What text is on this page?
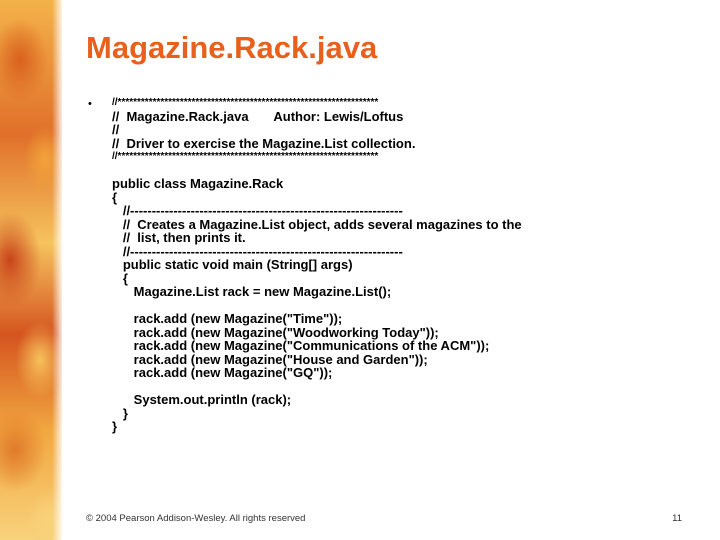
Magazine.Rack.java
• //*******************************************************************
//  Magazine.Rack.java       Author: Lewis/Loftus
//
//  Driver to exercise the Magazine.List collection.
//*******************************************************************
public class Magazine.Rack
{
//---------------------------------------------------------------
//  Creates a Magazine.List object, adds several magazines to the
//  list, then prints it.
//---------------------------------------------------------------
public static void main (String[] args)
{
Magazine.List rack = new Magazine.List();
rack.add (new Magazine("Time"));
rack.add (new Magazine("Woodworking Today"));
rack.add (new Magazine("Communications of the ACM"));
rack.add (new Magazine("House and Garden"));
rack.add (new Magazine("GQ"));
System.out.println (rack);
}
}
© 2004 Pearson Addison-Wesley. All rights reserved	11
